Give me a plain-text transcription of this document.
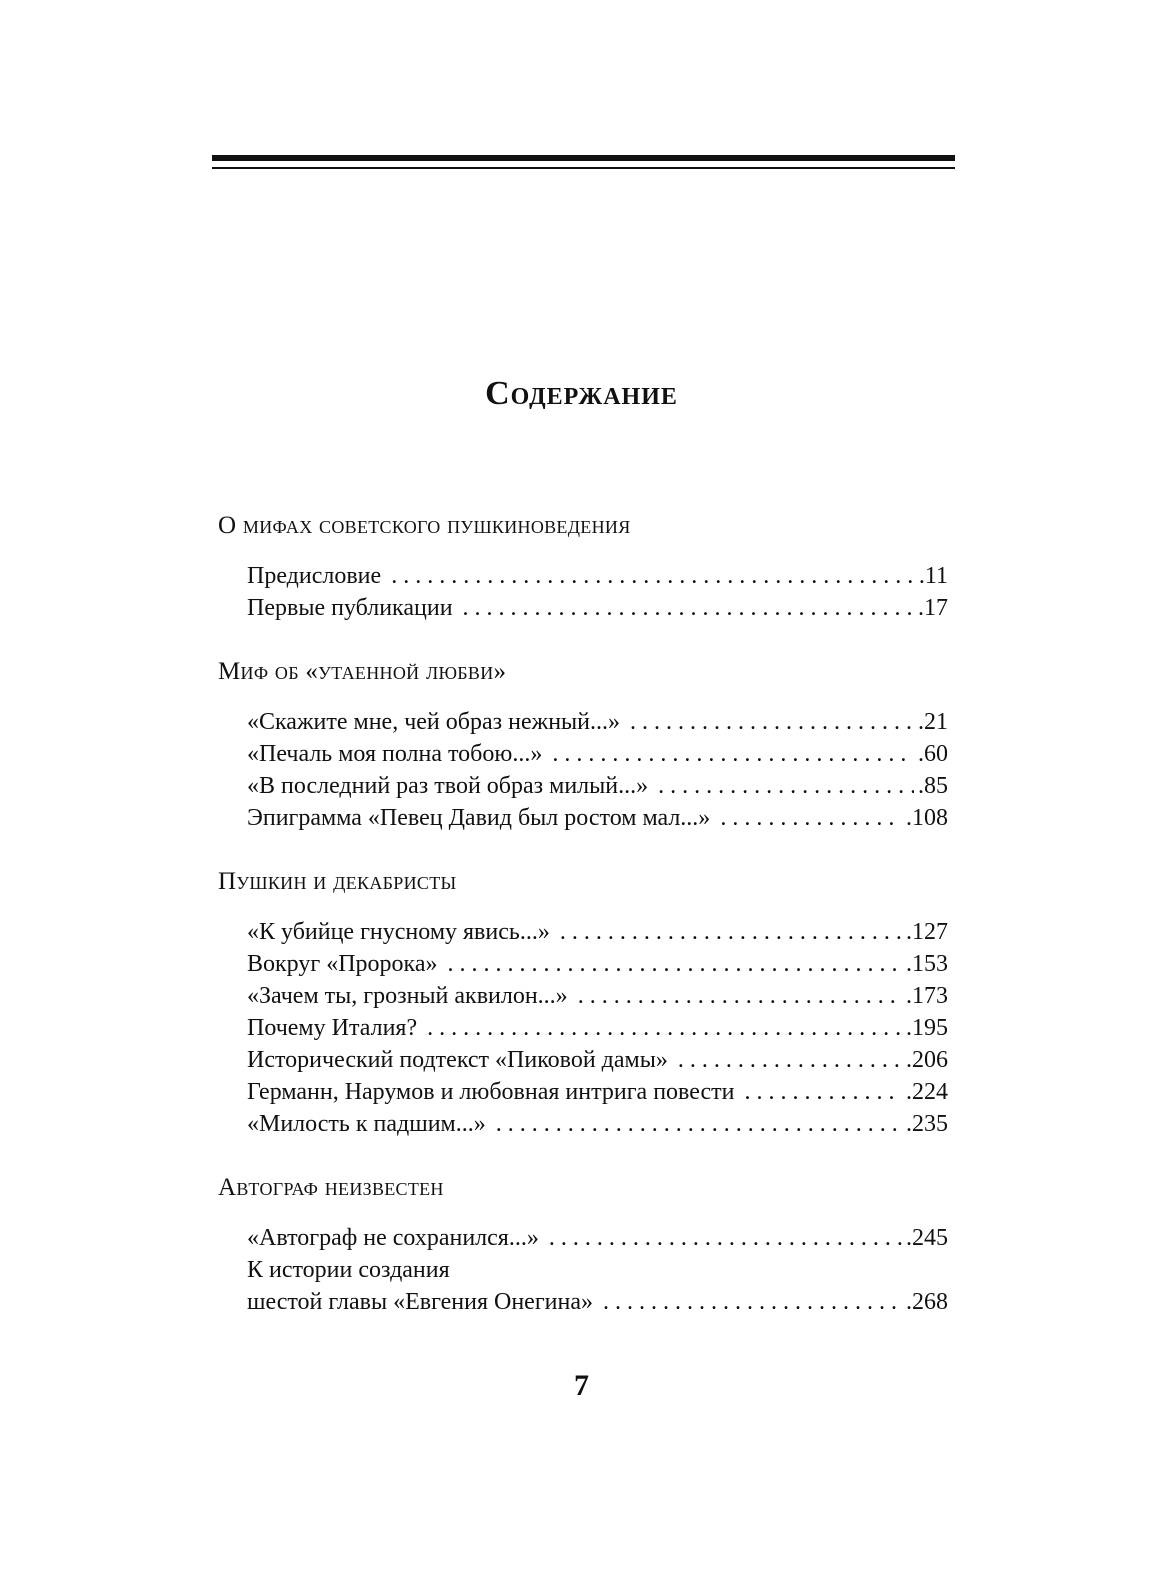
Содержание
О мифах советского пушкиноведения
Предисловие . . .	. 11
Первые публикации . . .	. 17
Миф об «утаенной любви»
«Скажите мне, чей образ нежный...» . . .	. 21
«Печаль моя полна тобою...» . . .	. 60
«В последний раз твой образ милый...» . . .	. 85
Эпиграмма «Певец Давид был ростом мал...» . . .	. 108
Пушкин и декабристы
«К убийце гнусному явись...» . . .	. 127
Вокруг «Пророка» . . .	. 153
«Зачем ты, грозный аквилон...» . . .	. 173
Почему Италия? . . .	. 195
Исторический подтекст «Пиковой дамы» . . .	. 206
Германн, Нарумов и любовная интрига повести . . .	. 224
«Милость к падшим...» . . .	. 235
Автограф неизвестен
«Автограф не сохранился...» . . .	. 245
К истории создания
шестой главы «Евгения Онегина» . . .	. 268

7
